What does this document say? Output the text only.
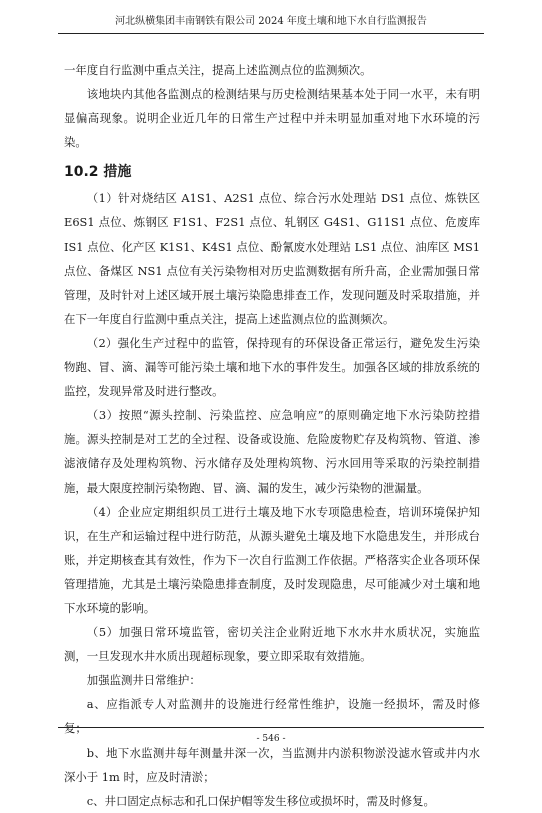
河北纵横集团丰南钢铁有限公司 2024 年度土壤和地下水自行监测报告

一年度自行监测中重点关注，提高上述监测点位的监测频次。

该地块内其他各监测点的检测结果与历史检测结果基本处于同一水平，未有明显偏高现象。说明企业近几年的日常生产过程中并未明显加重对地下水环境的污染。

10.2 措施

（1）针对烧结区 A1S1、A2S1 点位、综合污水处理站 DS1 点位、炼铁区 E6S1 点位、炼钢区 F1S1、F2S1 点位、轧钢区 G4S1、G11S1 点位、危废库 IS1 点位、化产区 K1S1、K4S1 点位、酚氰废水处理站 LS1 点位、油库区 MS1 点位、备煤区 NS1 点位有关污染物相对历史监测数据有所升高，企业需加强日常管理，及时针对上述区域开展土壤污染隐患排查工作，发现问题及时采取措施，并在下一年度自行监测中重点关注，提高上述监测点位的监测频次。

（2）强化生产过程中的监管，保持现有的环保设备正常运行，避免发生污染物跑、冒、滴、漏等可能污染土壤和地下水的事件发生。加强各区域的排放系统的监控，发现异常及时进行整改。

（3）按照“源头控制、污染监控、应急响应”的原则确定地下水污染防控措施。源头控制是对工艺的全过程、设备或设施、危险废物贮存及构筑物、管道、渗滤液储存及处理构筑物、污水储存及处理构筑物、污水回用等采取的污染控制措施，最大限度控制污染物跑、冒、滴、漏的发生，减少污染物的泄漏量。

（4）企业应定期组织员工进行土壤及地下水专项隐患检查，培训环境保护知识，在生产和运输过程中进行防范，从源头避免土壤及地下水隐患发生，并形成台账，并定期核查其有效性，作为下一次自行监测工作依据。严格落实企业各项环保管理措施，尤其是土壤污染隐患排查制度，及时发现隐患，尽可能减少对土壤和地下水环境的影响。

（5）加强日常环境监管，密切关注企业附近地下水水井水质状况，实施监测，一旦发现水井水质出现超标现象，要立即采取有效措施。

加强监测井日常维护：

a、应指派专人对监测井的设施进行经常性维护，设施一经损坏，需及时修复；

b、地下水监测井每年测量井深一次，当监测井内淤积物淤没滤水管或井内水深小于 1m 时，应及时清淤；

c、井口固定点标志和孔口保护帽等发生移位或损坏时，需及时修复。

- 546 -
